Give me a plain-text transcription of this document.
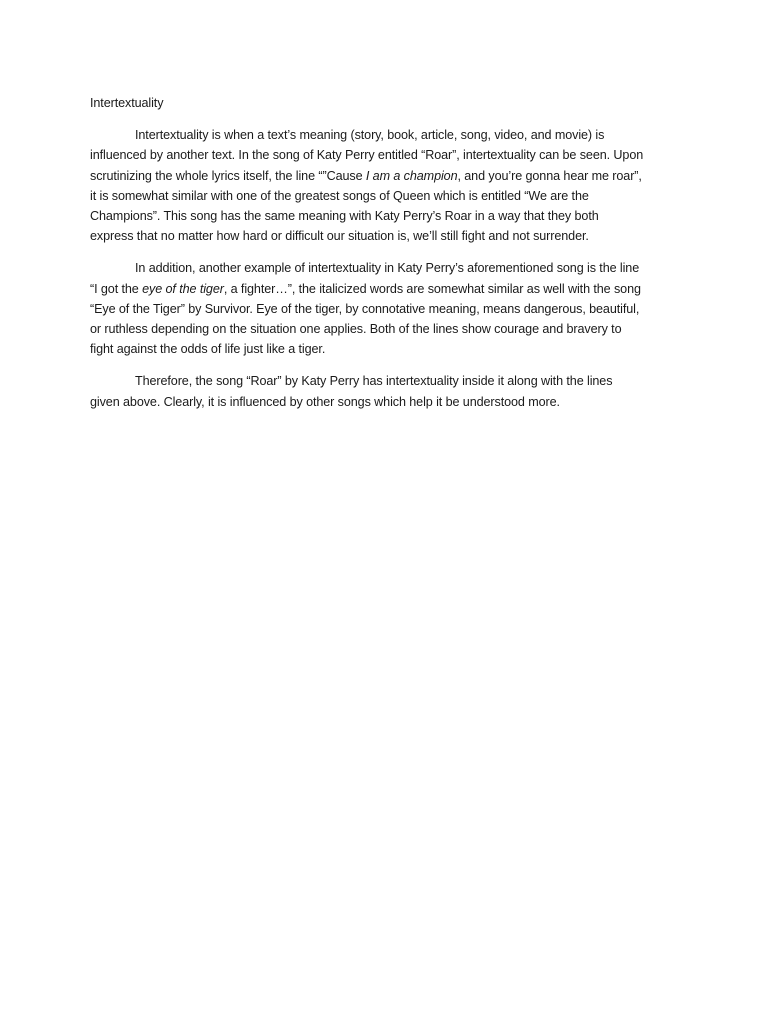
Intertextuality

Intertextuality is when a text’s meaning (story, book, article, song, video, and movie) is influenced by another text. In the song of Katy Perry entitled “Roar”, intertextuality can be seen. Upon scrutinizing the whole lyrics itself, the line “”Cause I am a champion, and you’re gonna hear me roar”, it is somewhat similar with one of the greatest songs of Queen which is entitled “We are the Champions”. This song has the same meaning with Katy Perry’s Roar in a way that they both express that no matter how hard or difficult our situation is, we’ll still fight and not surrender.

In addition, another example of intertextuality in Katy Perry’s aforementioned song is the line “I got the eye of the tiger, a fighter…”, the italicized words are somewhat similar as well with the song “Eye of the Tiger” by Survivor. Eye of the tiger, by connotative meaning, means dangerous, beautiful, or ruthless depending on the situation one applies. Both of the lines show courage and bravery to fight against the odds of life just like a tiger.

Therefore, the song “Roar” by Katy Perry has intertextuality inside it along with the lines given above. Clearly, it is influenced by other songs which help it be understood more.
